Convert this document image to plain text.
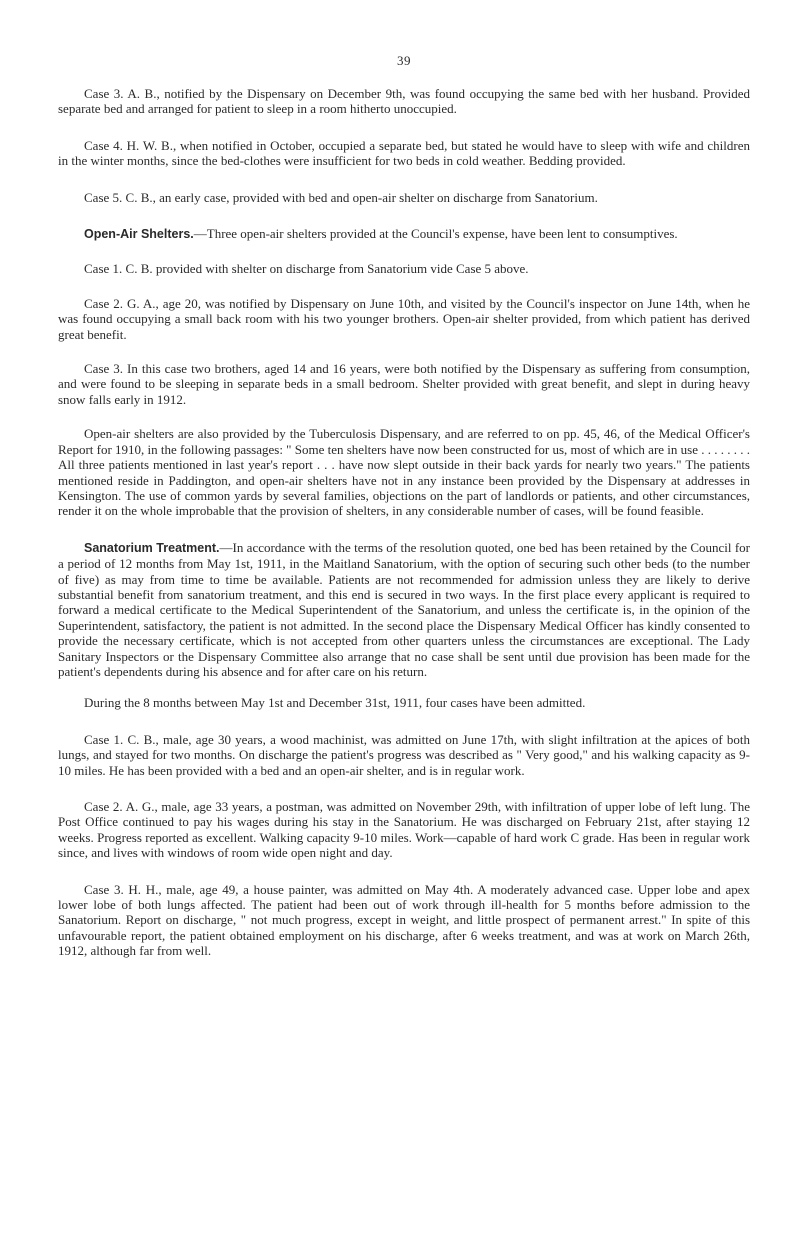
39

Case 3. A. B., notified by the Dispensary on December 9th, was found occupying the same bed with her husband. Provided separate bed and arranged for patient to sleep in a room hitherto unoccupied.

Case 4. H. W. B., when notified in October, occupied a separate bed, but stated he would have to sleep with wife and children in the winter months, since the bed-clothes were insufficient for two beds in cold weather. Bedding provided.

Case 5. C. B., an early case, provided with bed and open-air shelter on discharge from Sanatorium.

Open-Air Shelters.—Three open-air shelters provided at the Council's expense, have been lent to consumptives.

Case 1. C. B. provided with shelter on discharge from Sanatorium vide Case 5 above.

Case 2. G. A., age 20, was notified by Dispensary on June 10th, and visited by the Council's inspector on June 14th, when he was found occupying a small back room with his two younger brothers. Open-air shelter provided, from which patient has derived great benefit.

Case 3. In this case two brothers, aged 14 and 16 years, were both notified by the Dispensary as suffering from consumption, and were found to be sleeping in separate beds in a small bedroom. Shelter provided with great benefit, and slept in during heavy snow falls early in 1912.

Open-air shelters are also provided by the Tuberculosis Dispensary, and are referred to on pp. 45, 46, of the Medical Officer's Report for 1910, in the following passages: " Some ten shelters have now been constructed for us, most of which are in use . . . . . . . . All three patients mentioned in last year's report . . . have now slept outside in their back yards for nearly two years." The patients mentioned reside in Paddington, and open-air shelters have not in any instance been provided by the Dispensary at addresses in Kensington. The use of common yards by several families, objections on the part of landlords or patients, and other circumstances, render it on the whole improbable that the provision of shelters, in any considerable number of cases, will be found feasible.

Sanatorium Treatment.—In accordance with the terms of the resolution quoted, one bed has been retained by the Council for a period of 12 months from May 1st, 1911, in the Maitland Sanatorium, with the option of securing such other beds (to the number of five) as may from time to time be available. Patients are not recommended for admission unless they are likely to derive substantial benefit from sanatorium treatment, and this end is secured in two ways. In the first place every applicant is required to forward a medical certificate to the Medical Superintendent of the Sanatorium, and unless the certificate is, in the opinion of the Superintendent, satisfactory, the patient is not admitted. In the second place the Dispensary Medical Officer has kindly consented to provide the necessary certificate, which is not accepted from other quarters unless the circumstances are exceptional. The Lady Sanitary Inspectors or the Dispensary Committee also arrange that no case shall be sent until due provision has been made for the patient's dependents during his absence and for after care on his return.

During the 8 months between May 1st and December 31st, 1911, four cases have been admitted.

Case 1. C. B., male, age 30 years, a wood machinist, was admitted on June 17th, with slight infiltration at the apices of both lungs, and stayed for two months. On discharge the patient's progress was described as " Very good," and his walking capacity as 9-10 miles. He has been provided with a bed and an open-air shelter, and is in regular work.

Case 2. A. G., male, age 33 years, a postman, was admitted on November 29th, with infiltration of upper lobe of left lung. The Post Office continued to pay his wages during his stay in the Sanatorium. He was discharged on February 21st, after staying 12 weeks. Progress reported as excellent. Walking capacity 9-10 miles. Work—capable of hard work C grade. Has been in regular work since, and lives with windows of room wide open night and day.

Case 3. H. H., male, age 49, a house painter, was admitted on May 4th. A moderately advanced case. Upper lobe and apex lower lobe of both lungs affected. The patient had been out of work through ill-health for 5 months before admission to the Sanatorium. Report on discharge, " not much progress, except in weight, and little prospect of permanent arrest." In spite of this unfavourable report, the patient obtained employment on his discharge, after 6 weeks treatment, and was at work on March 26th, 1912, although far from well.
